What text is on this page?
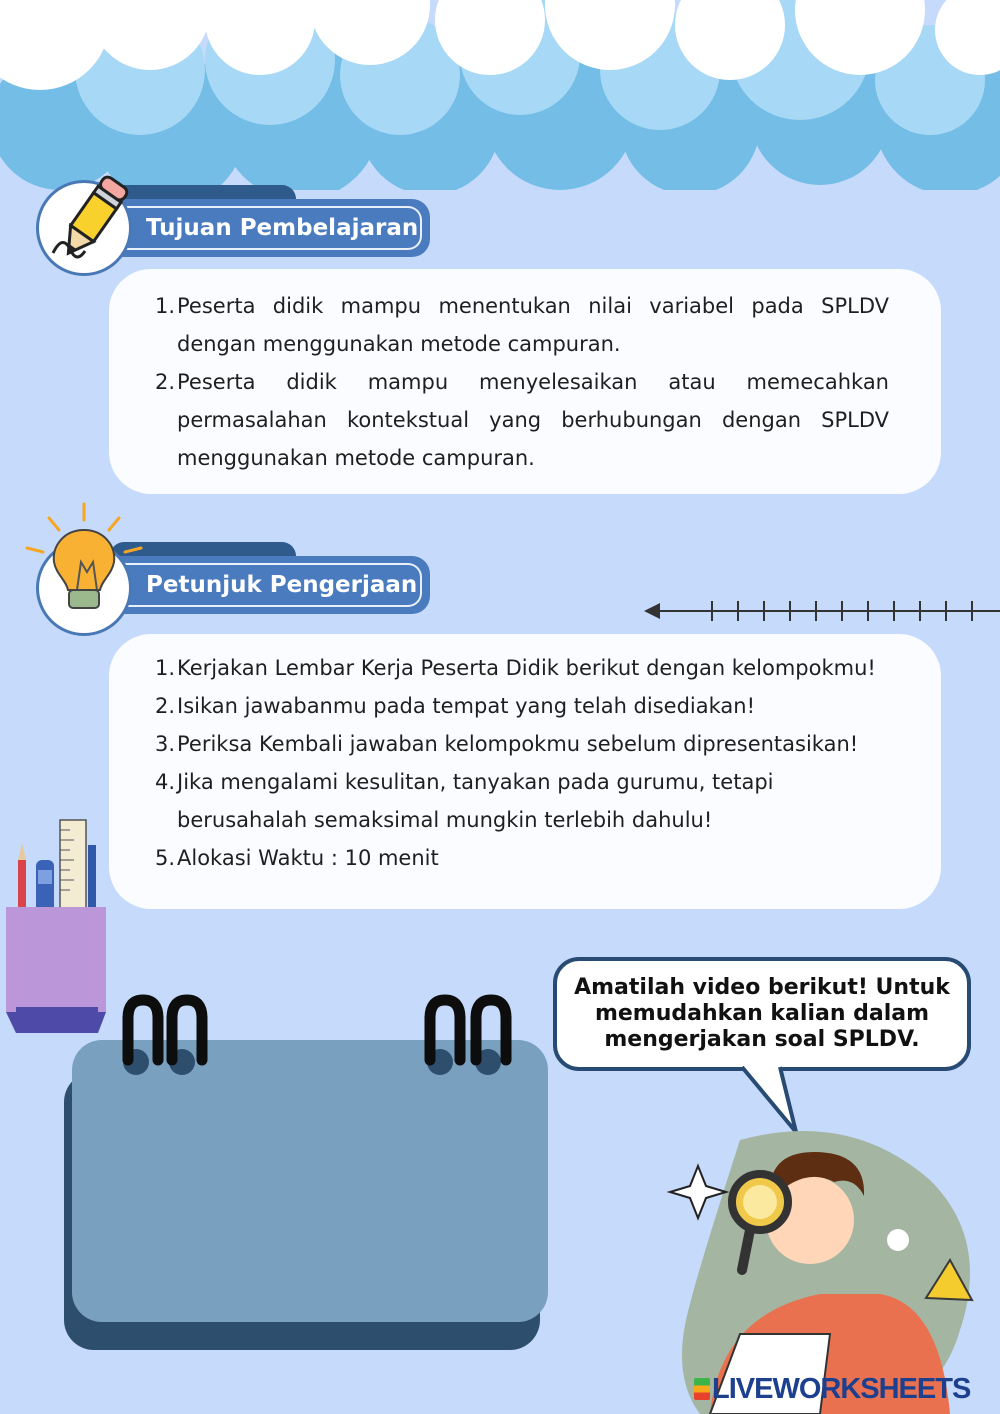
Tujuan Pembelajaran
1. Peserta didik mampu menentukan nilai variabel pada SPLDV dengan menggunakan metode campuran.
2. Peserta didik mampu menyelesaikan atau memecahkan permasalahan kontekstual yang berhubungan dengan SPLDV menggunakan metode campuran.
Petunjuk Pengerjaan
1. Kerjakan Lembar Kerja Peserta Didik berikut dengan kelompokmu!
2. Isikan jawabanmu pada tempat yang telah disediakan!
3. Periksa Kembali jawaban kelompokmu sebelum dipresentasikan!
4. Jika mengalami kesulitan, tanyakan pada gurumu, tetapi berusahalah semaksimal mungkin terlebih dahulu!
5. Alokasi Waktu : 10 menit
Amatilah video berikut! Untuk memudahkan kalian dalam mengerjakan soal SPLDV.
LIVEWORKSHEETS
